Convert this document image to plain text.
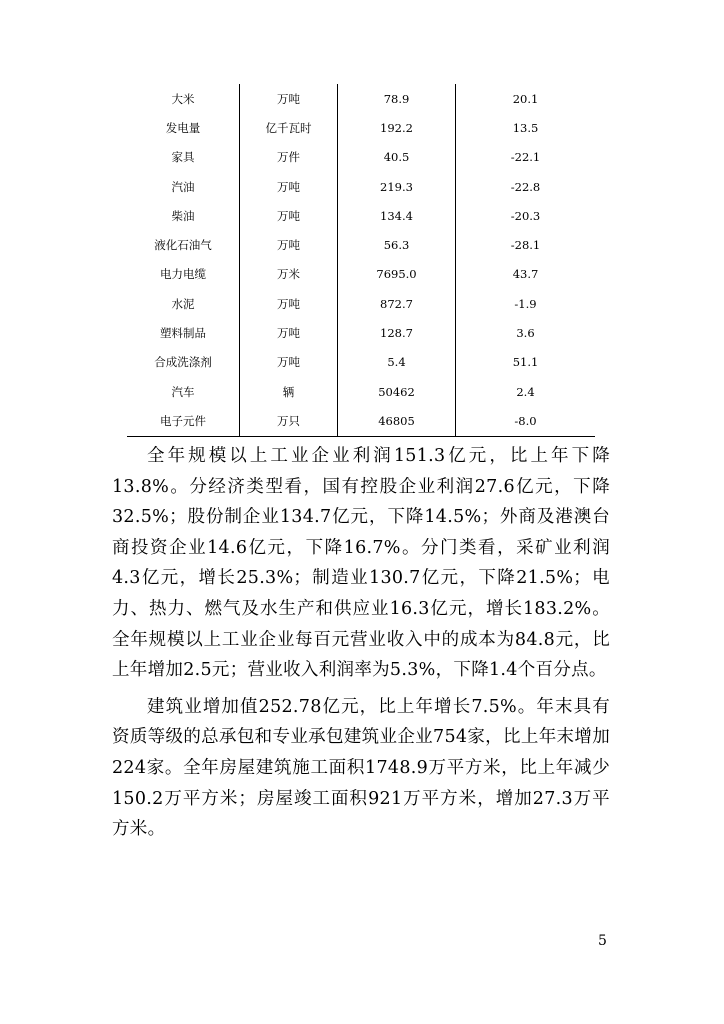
大米	万吨	78.9	20.1
发电量	亿千瓦时	192.2	13.5
家具	万件	40.5	-22.1
汽油	万吨	219.3	-22.8
柴油	万吨	134.4	-20.3
液化石油气	万吨	56.3	-28.1
电力电缆	万米	7695.0	43.7
水泥	万吨	872.7	-1.9
塑料制品	万吨	128.7	3.6
合成洗涤剂	万吨	5.4	51.1
汽车	辆	50462	2.4
电子元件	万只	46805	-8.0

全年规模以上工业企业利润151.3亿元，比上年下降13.8%。分经济类型看，国有控股企业利润27.6亿元，下降32.5%；股份制企业134.7亿元，下降14.5%；外商及港澳台商投资企业14.6亿元，下降16.7%。分门类看，采矿业利润4.3亿元，增长25.3%；制造业130.7亿元，下降21.5%；电力、热力、燃气及水生产和供应业16.3亿元，增长183.2%。全年规模以上工业企业每百元营业收入中的成本为84.8元，比上年增加2.5元；营业收入利润率为5.3%，下降1.4个百分点。

建筑业增加值252.78亿元，比上年增长7.5%。年末具有资质等级的总承包和专业承包建筑业企业754家，比上年末增加224家。全年房屋建筑施工面积1748.9万平方米，比上年减少150.2万平方米；房屋竣工面积921万平方米，增加27.3万平方米。

5
